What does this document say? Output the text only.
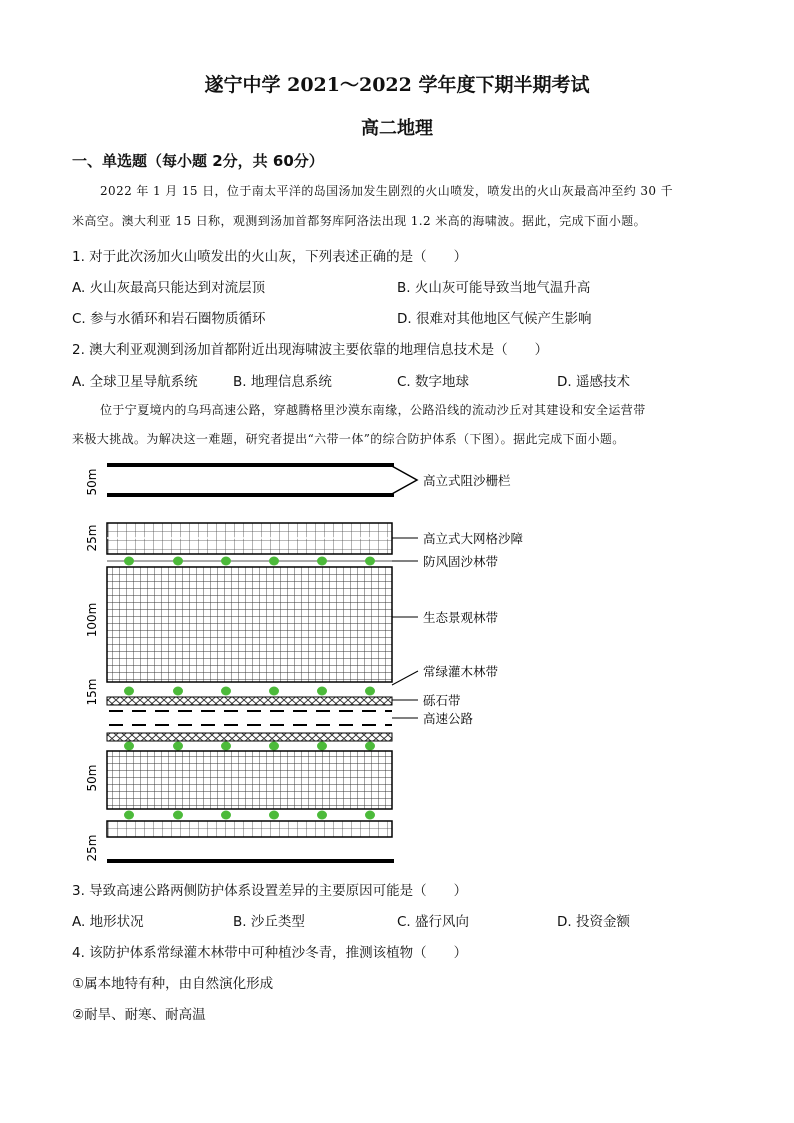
遂宁中学 2021～2022 学年度下期半期考试
高二地理
一、单选题（每小题 2分，共 60分）
2022 年 1 月 15 日，位于南太平洋的岛国汤加发生剧烈的火山喷发，喷发出的火山灰最高冲至约 30 千
米高空。澳大利亚 15 日称，观测到汤加首都努库阿洛法出现 1.2 米高的海啸波。据此，完成下面小题。
1. 对于此次汤加火山喷发出的火山灰，下列表述正确的是（　　）
A. 火山灰最高只能达到对流层顶	B. 火山灰可能导致当地气温升高
C. 参与水循环和岩石圈物质循环	D. 很难对其他地区气候产生影响
2. 澳大利亚观测到汤加首都附近出现海啸波主要依靠的地理信息技术是（　　）
A. 全球卫星导航系统	B. 地理信息系统	C. 数字地球	D. 遥感技术
位于宁夏境内的乌玛高速公路，穿越腾格里沙漠东南缘，公路沿线的流动沙丘对其建设和安全运营带
来极大挑战。为解决这一难题，研究者提出“六带一体”的综合防护体系（下图）。据此完成下面小题。
50m
25m
100m
15m
50m
25m
高立式阻沙栅栏
高立式大网格沙障
防风固沙林带
生态景观林带
常绿灌木林带
砾石带
高速公路
3. 导致高速公路两侧防护体系设置差异的主要原因可能是（　　）
A. 地形状况	B. 沙丘类型	C. 盛行风向	D. 投资金额
4. 该防护体系常绿灌木林带中可种植沙冬青，推测该植物（　　）
①属本地特有种，由自然演化形成
②耐旱、耐寒、耐高温
